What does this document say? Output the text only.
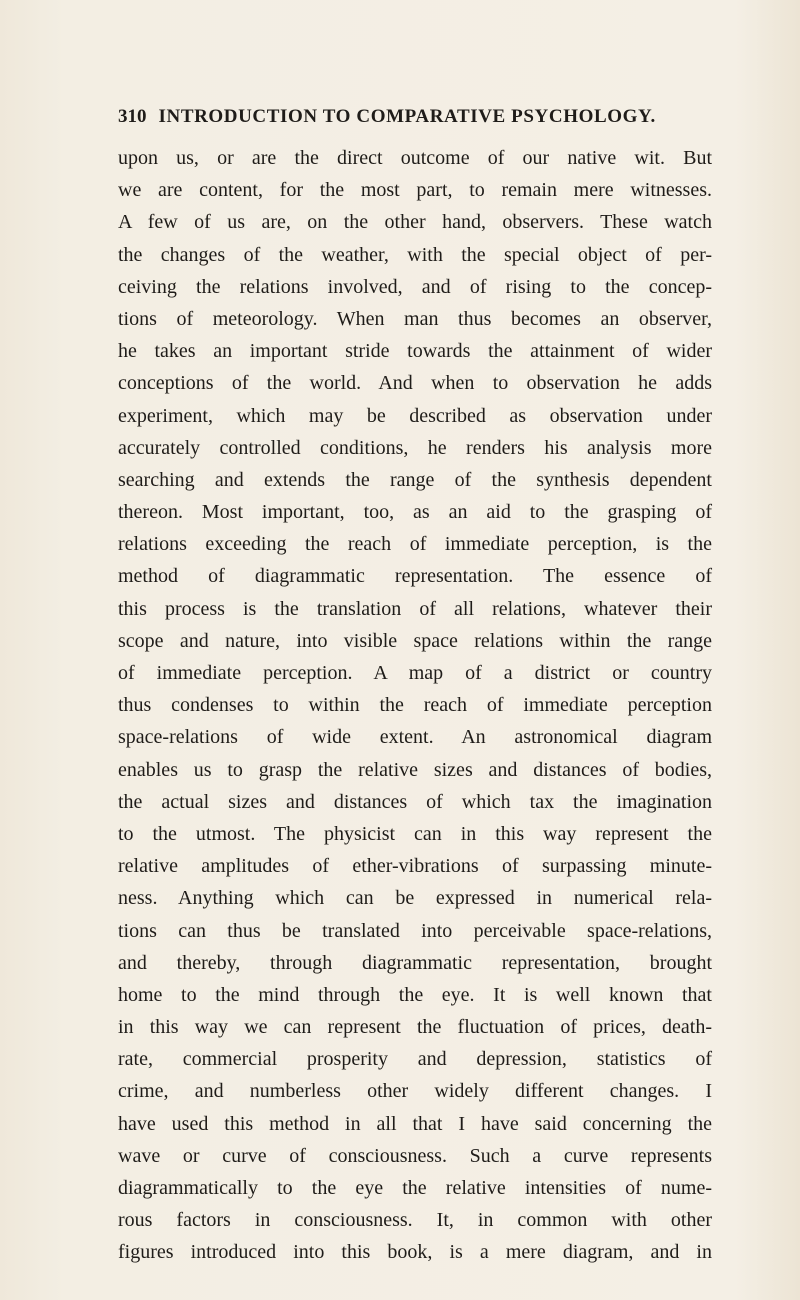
310 INTRODUCTION TO COMPARATIVE PSYCHOLOGY.
upon us, or are the direct outcome of our native wit. But
we are content, for the most part, to remain mere witnesses.
A few of us are, on the other hand, observers. These watch
the changes of the weather, with the special object of per-
ceiving the relations involved, and of rising to the concep-
tions of meteorology. When man thus becomes an observer,
he takes an important stride towards the attainment of wider
conceptions of the world. And when to observation he adds
experiment, which may be described as observation under
accurately controlled conditions, he renders his analysis more
searching and extends the range of the synthesis dependent
thereon. Most important, too, as an aid to the grasping of
relations exceeding the reach of immediate perception, is the
method of diagrammatic representation. The essence of
this process is the translation of all relations, whatever their
scope and nature, into visible space relations within the range
of immediate perception. A map of a district or country
thus condenses to within the reach of immediate perception
space-relations of wide extent. An astronomical diagram
enables us to grasp the relative sizes and distances of bodies,
the actual sizes and distances of which tax the imagination
to the utmost. The physicist can in this way represent the
relative amplitudes of ether-vibrations of surpassing minute-
ness. Anything which can be expressed in numerical rela-
tions can thus be translated into perceivable space-relations,
and thereby, through diagrammatic representation, brought
home to the mind through the eye. It is well known that
in this way we can represent the fluctuation of prices, death-
rate, commercial prosperity and depression, statistics of
crime, and numberless other widely different changes. I
have used this method in all that I have said concerning the
wave or curve of consciousness. Such a curve represents
diagrammatically to the eye the relative intensities of nume-
rous factors in consciousness. It, in common with other
figures introduced into this book, is a mere diagram, and in
